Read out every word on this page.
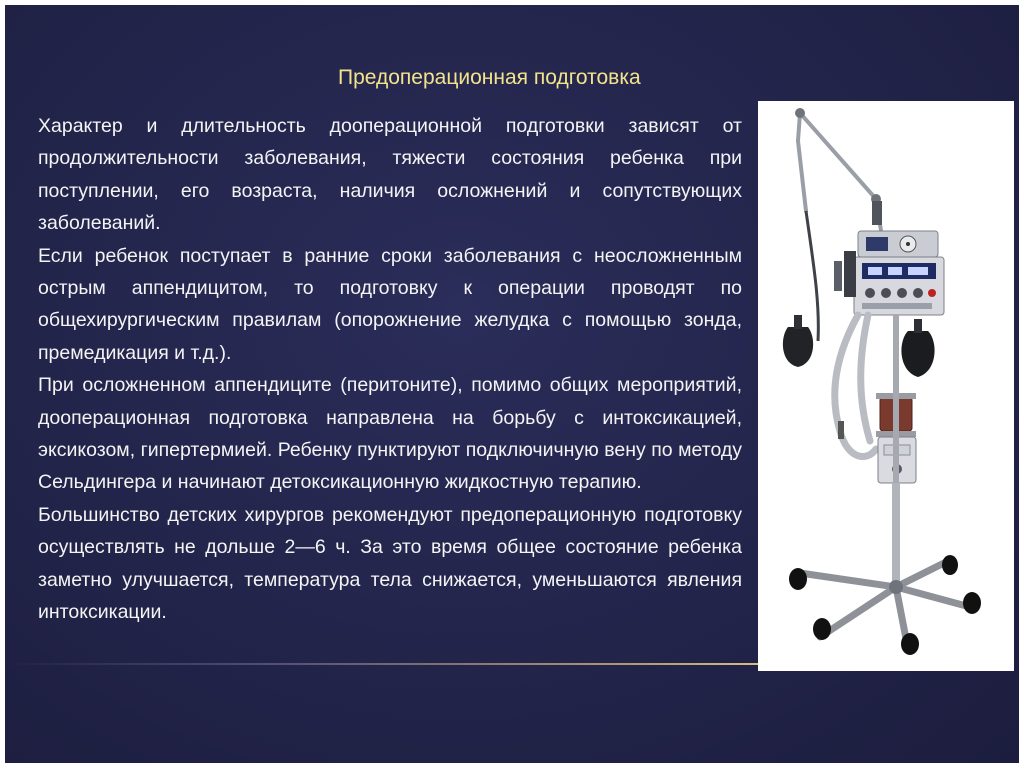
Предоперационная подготовка

Характер и длительность дооперационной подготовки зависят от продолжительности заболевания, тяжести состояния ребенка при поступлении, его возраста, наличия осложнений и сопутствующих заболеваний.

Если ребенок поступает в ранние сроки заболевания с неосложненным острым аппендицитом, то подготовку к операции проводят по общехирургическим правилам (опорожнение желудка с помощью зонда, премедикация и т.д.).

При осложненном аппендиците (перитоните), помимо общих мероприятий, дооперационная подготовка направлена на борьбу с интоксикацией, эксикозом, гипертермией. Ребенку пунктируют подключичную вену по методу Сельдингера и начинают детоксикационную жидкостную терапию.

Большинство детских хирургов рекомендуют предоперационную подготовку осуществлять не дольше 2—6 ч. За это время общее состояние ребенка заметно улучшается, температура тела снижается, уменьшаются явления интоксикации.
